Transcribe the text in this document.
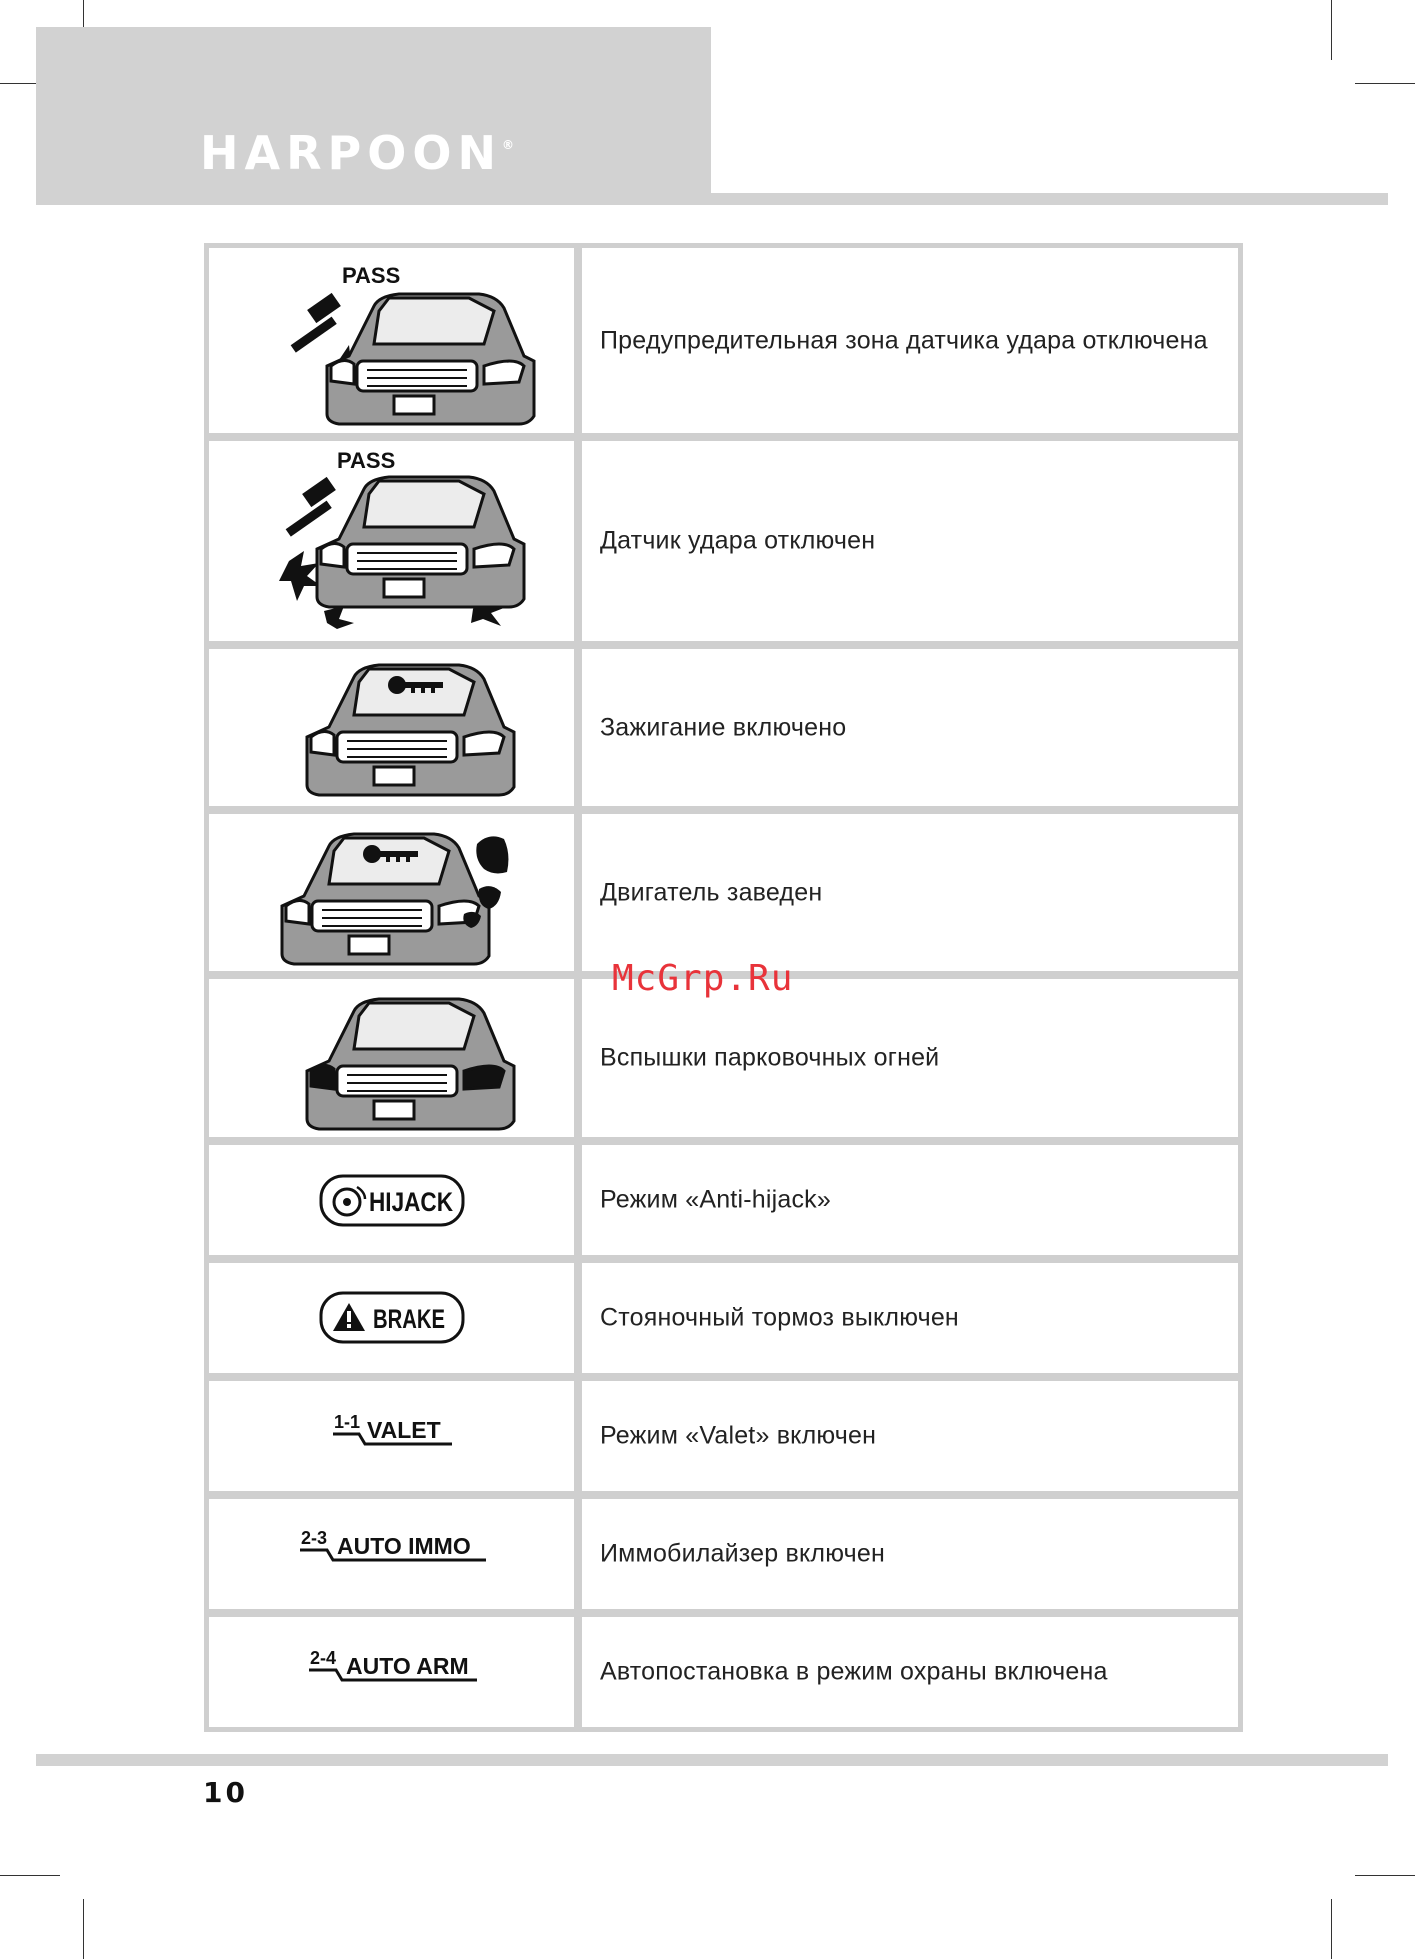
HARPOON®
PASS
Предупредительная зона датчика удара отключена
PASS
Датчик удара отключен
Зажигание включено
Двигатель заведен
Вспышки парковочных огней
HIJACK	Режим «Anti-hijack»
BRAKE	Стояночный тормоз выключен
1-1 VALET	Режим «Valet» включен
2-3 AUTO IMMO	Иммобилайзер включен
2-4 AUTO ARM	Автопостановка в режим охраны включена
McGrp.Ru
10
